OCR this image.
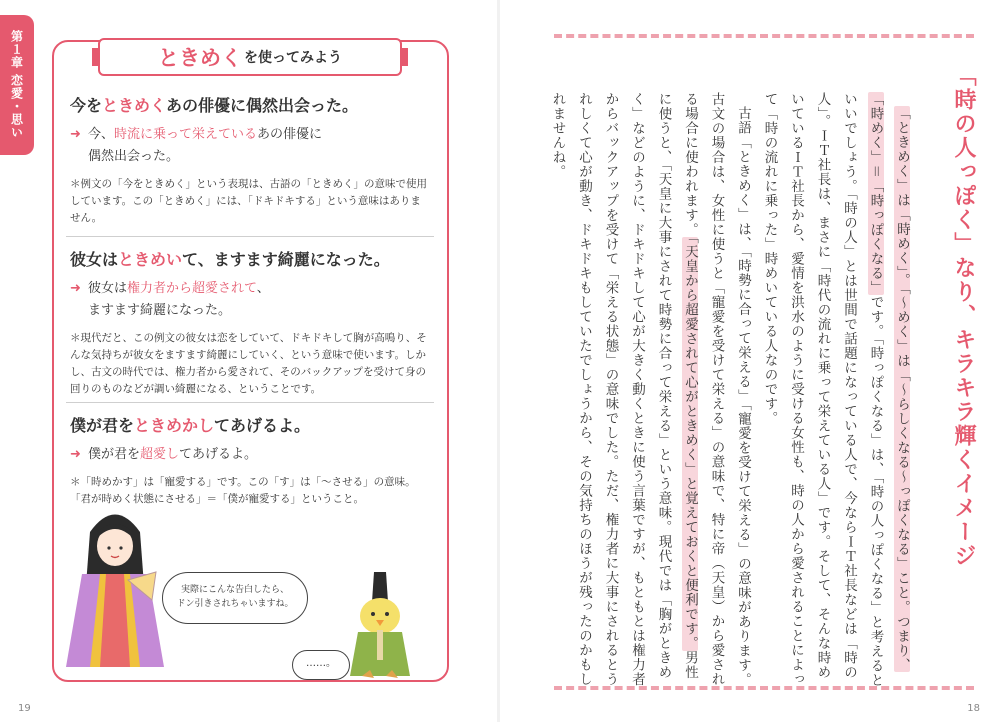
第１章 恋愛・思い	ときめく を使ってみよう
今をときめくあの俳優に偶然出会った。
➜ 今、時流に乗って栄えているあの俳優に
偶然出会った。
＊例文の「今をときめく」という表現は、古語の「ときめく」の意味で使用しています。この「ときめく」には、「ドキドキする」という意味はありません。
彼女はときめいて、ますます綺麗になった。
➜ 彼女は権力者から超愛されて、
ますます綺麗になった。
＊現代だと、この例文の彼女は恋をしていて、ドキドキして胸が高鳴り、そんな気持ちが彼女をますます綺麗にしていく、という意味で使います。しかし、古文の時代では、権力者から愛されて、そのバックアップを受けて身の回りのものなどが調い綺麗になる、ということです。
僕が君をときめかしてあげるよ。
➜ 僕が君を超愛してあげるよ。
＊「時めかす」は「寵愛する」です。この「す」は「〜させる」の意味。「君が時めく状態にさせる」＝「僕が寵愛する」ということ。
実際にこんな告白したら、
ドン引きされちゃいますね。
……。
19
「時の人っぽく」なり、キラキラ輝くイメージ

「ときめく」は「時めく」。「〜めく」は「〜らしくなる〜っぽくなる」こと。つまり、「時めく」＝「時っぽくなる」です。「時っぽくなる」は、「時の人っぽくなる」と考えるといいでしょう。「時の人」とは世間で話題になっている人で、今ならＩＴ社長などは「時の人」。ＩＴ社長は、まさに「時代の流れに乗って栄えている人」です。そして、そんな時めいているＩＴ社長から、愛情を洪水のように受ける女性も、時の人から愛されることによって「時の流れに乗った」時めいている人なのです。

古語「ときめく」は、「時勢に合って栄える」「寵愛を受けて栄える」の意味があります。古文の場合は、女性に使うと「寵愛を受けて栄える」の意味で、特に帝（天皇）から愛される場合に使われます。「天皇から超愛されて心がときめく」と覚えておくと便利です。男性に使うと、「天皇に大事にされて時勢に合って栄える」という意味。現代では「胸がときめく」などのように、ドキドキして心が大きく動くときに使う言葉ですが、もともとは権力者からバックアップを受けて「栄える状態」の意味でした。ただ、権力者に大事にされるとうれしくて心が動き、ドキドキもしていたでしょうから、その気持ちのほうが残ったのかもしれませんね。

18
